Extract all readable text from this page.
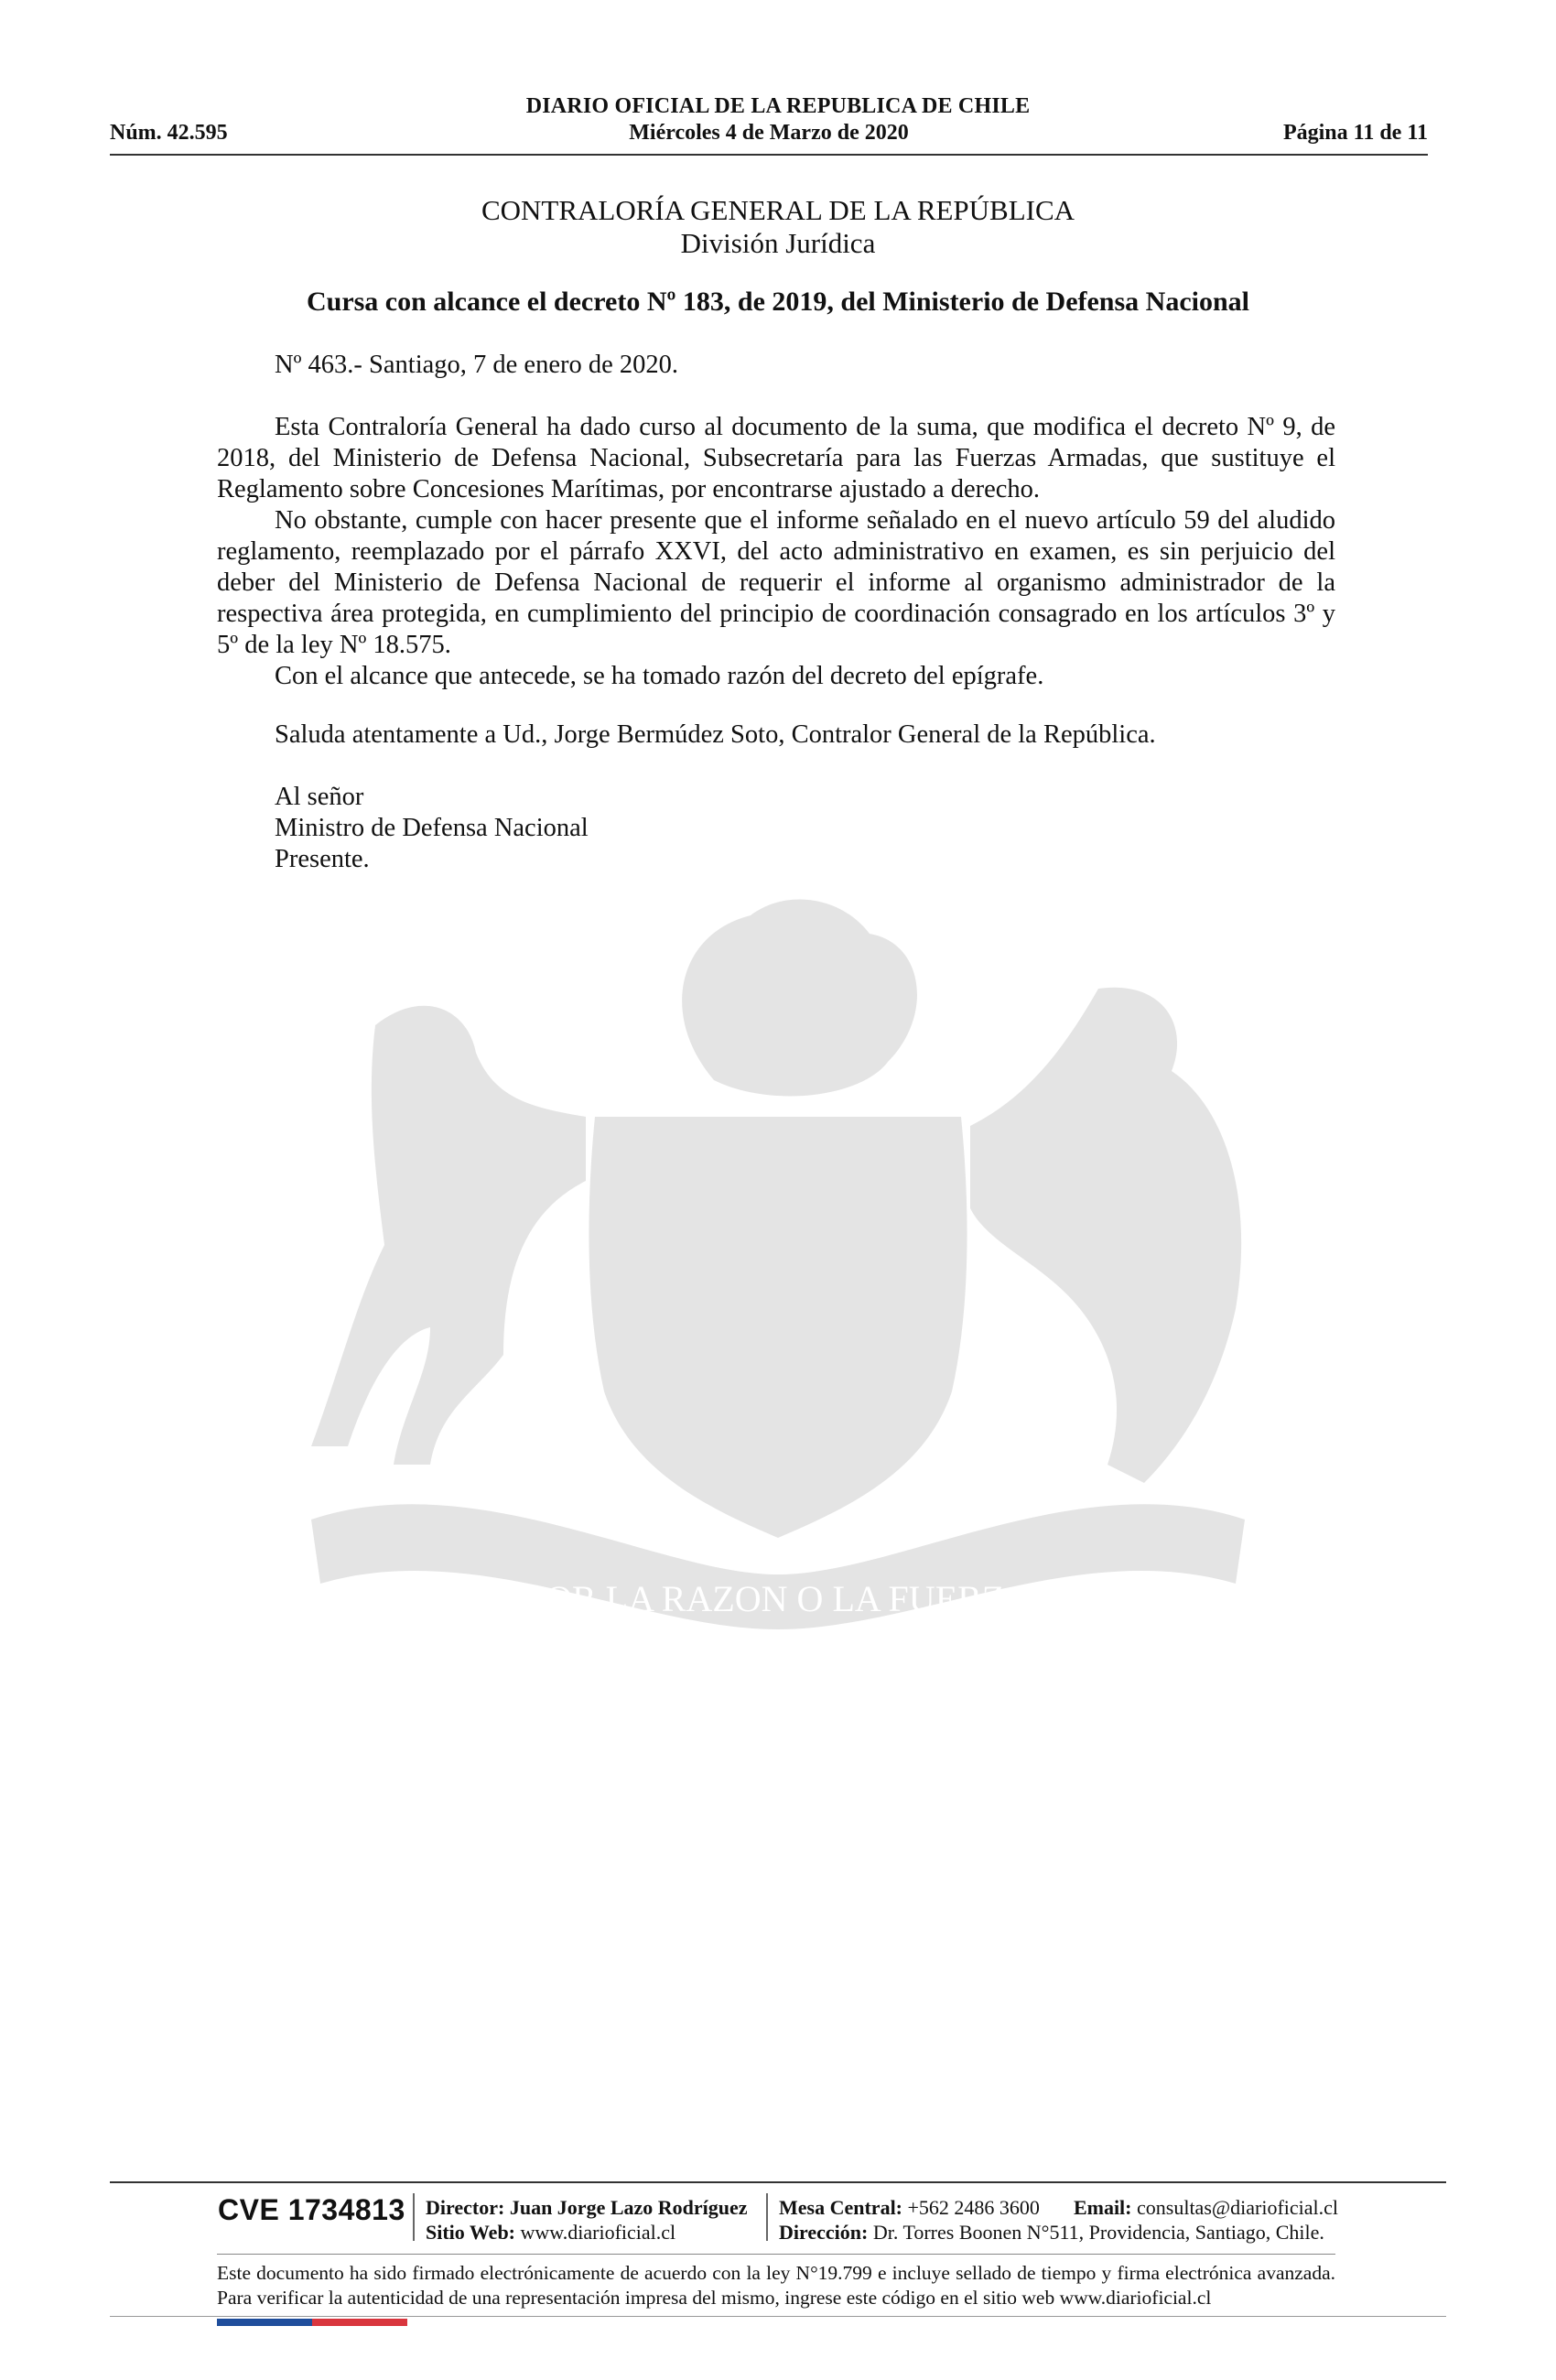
DIARIO OFICIAL DE LA REPUBLICA DE CHILE
Núm. 42.595	Miércoles 4 de Marzo de 2020	Página 11 de 11
CONTRALORÍA GENERAL DE LA REPÚBLICA
División Jurídica
Cursa con alcance el decreto Nº 183, de 2019, del Ministerio de Defensa Nacional

Nº 463.- Santiago, 7 de enero de 2020.

Esta Contraloría General ha dado curso al documento de la suma, que modifica el decreto Nº 9, de 2018, del Ministerio de Defensa Nacional, Subsecretaría para las Fuerzas Armadas, que sustituye el Reglamento sobre Concesiones Marítimas, por encontrarse ajustado a derecho.

No obstante, cumple con hacer presente que el informe señalado en el nuevo artículo 59 del aludido reglamento, reemplazado por el párrafo XXVI, del acto administrativo en examen, es sin perjuicio del deber del Ministerio de Defensa Nacional de requerir el informe al organismo administrador de la respectiva área protegida, en cumplimiento del principio de coordinación consagrado en los artículos 3º y 5º de la ley Nº 18.575.

Con el alcance que antecede, se ha tomado razón del decreto del epígrafe.

Saluda atentamente a Ud., Jorge Bermúdez Soto, Contralor General de la República.

Al señor

Ministro de Defensa Nacional

Presente.

POR LA RAZON O LA FUERZA
CVE 1734813 Director: Juan Jorge Lazo Rodríguez
Sitio Web: www.diarioficial.cl
Mesa Central: +562 2486 3600 Email: consultas@diarioficial.cl
Dirección: Dr. Torres Boonen N°511, Providencia, Santiago, Chile.
Este documento ha sido firmado electrónicamente de acuerdo con la ley N°19.799 e incluye sellado de tiempo y firma electrónica avanzada. Para verificar la autenticidad de una representación impresa del mismo, ingrese este código en el sitio web www.diarioficial.cl
